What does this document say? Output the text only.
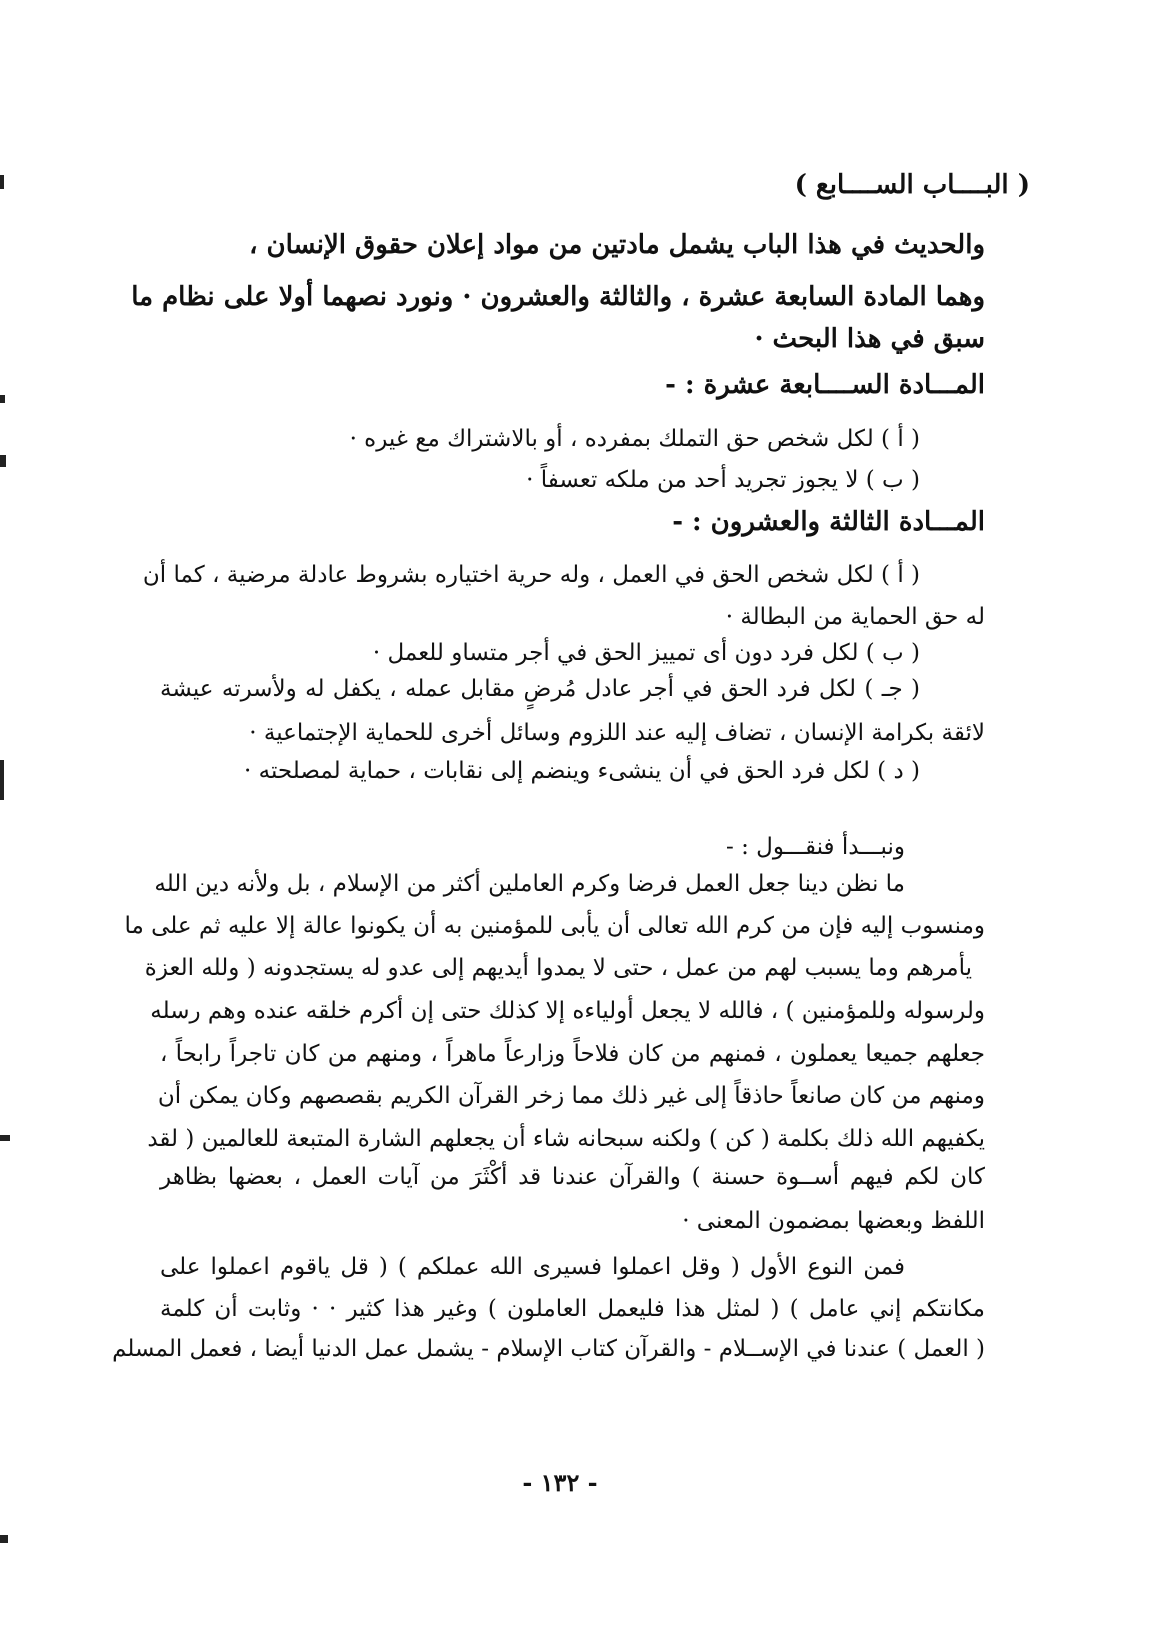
( البــــاب الســــابع )
والحديث في هذا الباب يشمل مادتين من مواد إعلان حقوق الإنسان ،
وهما المادة السابعة عشرة ، والثالثة والعشرون · ونورد نصهما أولا على نظام ما
سبق في هذا البحث ·
المـــادة الســــابعة عشرة : -
( أ ) لكل شخص حق التملك بمفرده ، أو بالاشتراك مع غيره ·
( ب ) لا يجوز تجريد أحد من ملكه تعسفاً ·
المـــادة الثالثة والعشرون : -
( أ ) لكل شخص الحق في العمل ، وله حرية اختياره بشروط عادلة مرضية ، كما أن
له حق الحماية من البطالة ·
( ب ) لكل فرد دون أى تمييز الحق في أجر متساو للعمل ·
( جـ ) لكل فرد الحق في أجر عادل مُرضٍ مقابل عمله ، يكفل له ولأسرته عيشة
لائقة بكرامة الإنسان ، تضاف إليه عند اللزوم وسائل أخرى للحماية الإجتماعية ·
( د ) لكل فرد الحق في أن ينشىء وينضم إلى نقابات ، حماية لمصلحته ·
ونبـــدأ فنقـــول : -
ما نظن دينا جعل العمل فرضا وكرم العاملين أكثر من الإسلام ، بل ولأنه دين الله
ومنسوب إليه فإن من كرم الله تعالى أن يأبى للمؤمنين به أن يكونوا عالة إلا عليه ثم على ما
يأمرهم وما يسبب لهم من عمل ، حتى لا يمدوا أيديهم إلى عدو له يستجدونه ( ولله العزة
ولرسوله وللمؤمنين ) ، فالله لا يجعل أولياءه إلا كذلك حتى إن أكرم خلقه عنده وهم رسله
جعلهم جميعا يعملون ، فمنهم من كان فلاحاً وزارعاً ماهراً ، ومنهم من كان تاجراً رابحاً ،
ومنهم من كان صانعاً حاذقاً إلى غير ذلك مما زخر القرآن الكريم بقصصهم وكان يمكن أن
يكفيهم الله ذلك بكلمة ( كن ) ولكنه سبحانه شاء أن يجعلهم الشارة المتبعة للعالمين ( لقد
كان لكم فيهم أســوة حسنة ) والقرآن عندنا قد أكْثَرَ من آيات العمل ، بعضها بظاهر
اللفظ وبعضها بمضمون المعنى ·
فمن النوع الأول ( وقل اعملوا فسيرى الله عملكم ) ( قل ياقوم اعملوا على
مكانتكم إني عامل ) ( لمثل هذا فليعمل العاملون ) وغير هذا كثير · · وثابت أن كلمة
( العمل ) عندنا في الإســلام - والقرآن كتاب الإسلام - يشمل عمل الدنيا أيضا ، فعمل المسلم
- ١٣٢ -
